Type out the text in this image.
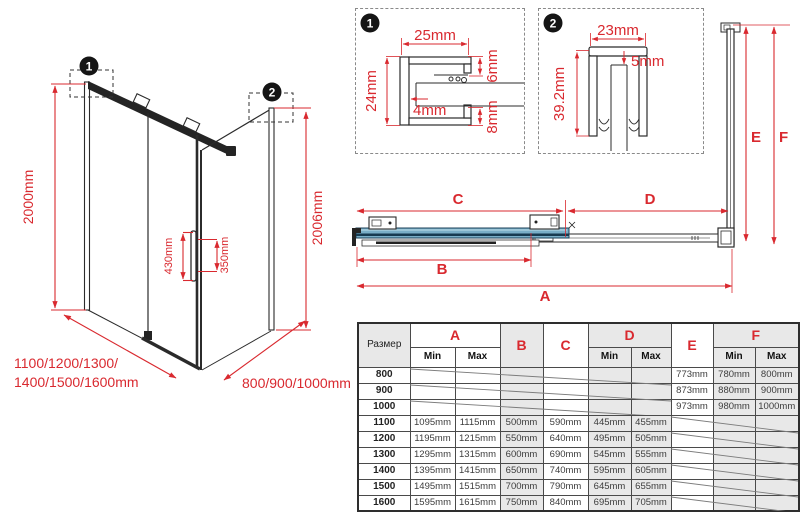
1
2
2000mm	2006mm
430mm	350mm
1100/1200/1300/
1400/1500/1600mm	800/900/1000mm
C	D
B
A
E F
1
25mm
24mm 4mm
6mm
8mm
2	23mm
5mm
39.2mm
Размер	A		B	C	D		E	F	
	Min	Max			Min	Max		Min	Max
800							773mm	780mm	800mm
900							873mm	880mm	900mm
1000							973mm	980mm	1000mm
1100	1095mm	1115mm	500mm	590mm	445mm	455mm			
1200	1195mm	1215mm	550mm	640mm	495mm	505mm			
1300	1295mm	1315mm	600mm	690mm	545mm	555mm			
1400	1395mm	1415mm	650mm	740mm	595mm	605mm			
1500	1495mm	1515mm	700mm	790mm	645mm	655mm			
1600	1595mm	1615mm	750mm	840mm	695mm	705mm			
